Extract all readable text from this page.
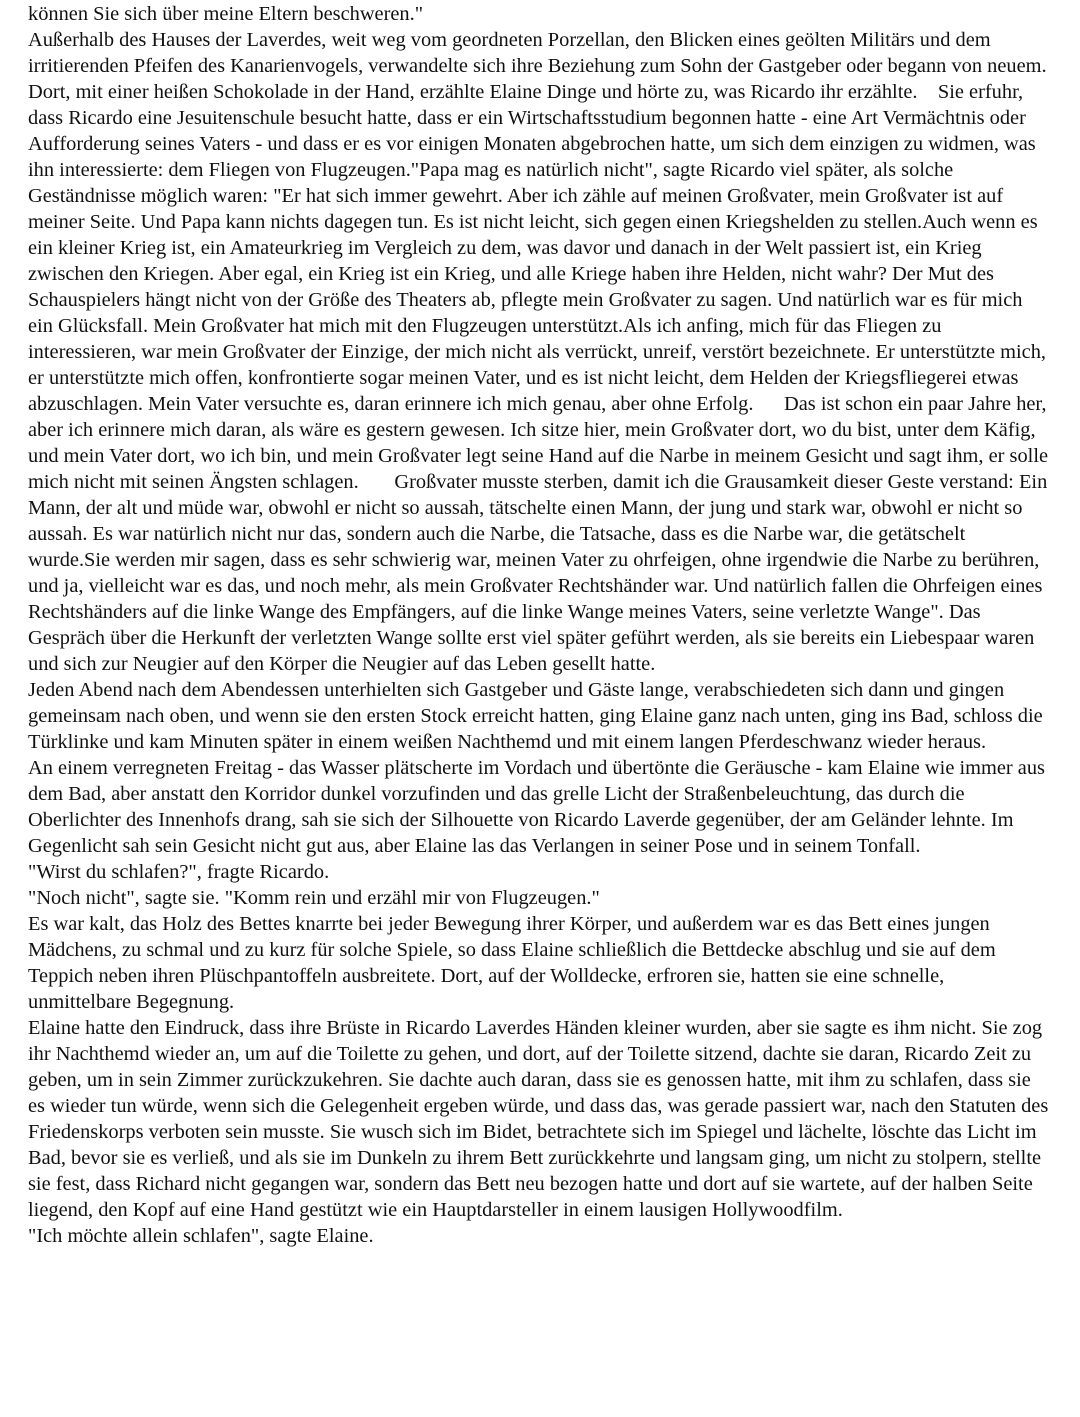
können Sie sich über meine Eltern beschweren."

Außerhalb des Hauses der Laverdes, weit weg vom geordneten Porzellan, den Blicken eines geölten Militärs und dem irritierenden Pfeifen des Kanarienvogels, verwandelte sich ihre Beziehung zum Sohn der Gastgeber oder begann von neuem. Dort, mit einer heißen Schokolade in der Hand, erzählte Elaine Dinge und hörte zu, was Ricardo ihr erzählte.    Sie erfuhr, dass Ricardo eine Jesuitenschule besucht hatte, dass er ein Wirtschaftsstudium begonnen hatte - eine Art Vermächtnis oder Aufforderung seines Vaters - und dass er es vor einigen Monaten abgebrochen hatte, um sich dem einzigen zu widmen, was ihn interessierte: dem Fliegen von Flugzeugen."Papa mag es natürlich nicht", sagte Ricardo viel später, als solche Geständnisse möglich waren: "Er hat sich immer gewehrt. Aber ich zähle auf meinen Großvater, mein Großvater ist auf meiner Seite. Und Papa kann nichts dagegen tun. Es ist nicht leicht, sich gegen einen Kriegshelden zu stellen.Auch wenn es ein kleiner Krieg ist, ein Amateurkrieg im Vergleich zu dem, was davor und danach in der Welt passiert ist, ein Krieg zwischen den Kriegen. Aber egal, ein Krieg ist ein Krieg, und alle Kriege haben ihre Helden, nicht wahr? Der Mut des Schauspielers hängt nicht von der Größe des Theaters ab, pflegte mein Großvater zu sagen. Und natürlich war es für mich ein Glücksfall. Mein Großvater hat mich mit den Flugzeugen unterstützt.Als ich anfing, mich für das Fliegen zu interessieren, war mein Großvater der Einzige, der mich nicht als verrückt, unreif, verstört bezeichnete. Er unterstützte mich, er unterstützte mich offen, konfrontierte sogar meinen Vater, und es ist nicht leicht, dem Helden der Kriegsfliegerei etwas abzuschlagen. Mein Vater versuchte es, daran erinnere ich mich genau, aber ohne Erfolg.      Das ist schon ein paar Jahre her, aber ich erinnere mich daran, als wäre es gestern gewesen. Ich sitze hier, mein Großvater dort, wo du bist, unter dem Käfig, und mein Vater dort, wo ich bin, und mein Großvater legt seine Hand auf die Narbe in meinem Gesicht und sagt ihm, er solle mich nicht mit seinen Ängsten schlagen.       Großvater musste sterben, damit ich die Grausamkeit dieser Geste verstand: Ein Mann, der alt und müde war, obwohl er nicht so aussah, tätschelte einen Mann, der jung und stark war, obwohl er nicht so aussah. Es war natürlich nicht nur das, sondern auch die Narbe, die Tatsache, dass es die Narbe war, die getätschelt wurde.Sie werden mir sagen, dass es sehr schwierig war, meinen Vater zu ohrfeigen, ohne irgendwie die Narbe zu berühren, und ja, vielleicht war es das, und noch mehr, als mein Großvater Rechtshänder war. Und natürlich fallen die Ohrfeigen eines Rechtshänders auf die linke Wange des Empfängers, auf die linke Wange meines Vaters, seine verletzte Wange". Das Gespräch über die Herkunft der verletzten Wange sollte erst viel später geführt werden, als sie bereits ein Liebespaar waren und sich zur Neugier auf den Körper die Neugier auf das Leben gesellt hatte.

Jeden Abend nach dem Abendessen unterhielten sich Gastgeber und Gäste lange, verabschiedeten sich dann und gingen gemeinsam nach oben, und wenn sie den ersten Stock erreicht hatten, ging Elaine ganz nach unten, ging ins Bad, schloss die Türklinke und kam Minuten später in einem weißen Nachthemd und mit einem langen Pferdeschwanz wieder heraus.

An einem verregneten Freitag - das Wasser plätscherte im Vordach und übertönte die Geräusche - kam Elaine wie immer aus dem Bad, aber anstatt den Korridor dunkel vorzufinden und das grelle Licht der Straßenbeleuchtung, das durch die Oberlichter des Innenhofs drang, sah sie sich der Silhouette von Ricardo Laverde gegenüber, der am Geländer lehnte. Im Gegenlicht sah sein Gesicht nicht gut aus, aber Elaine las das Verlangen in seiner Pose und in seinem Tonfall.

"Wirst du schlafen?", fragte Ricardo.

"Noch nicht", sagte sie. "Komm rein und erzähl mir von Flugzeugen."

Es war kalt, das Holz des Bettes knarrte bei jeder Bewegung ihrer Körper, und außerdem war es das Bett eines jungen Mädchens, zu schmal und zu kurz für solche Spiele, so dass Elaine schließlich die Bettdecke abschlug und sie auf dem Teppich neben ihren Plüschpantoffeln ausbreitete. Dort, auf der Wolldecke, erfroren sie, hatten sie eine schnelle, unmittelbare Begegnung.

Elaine hatte den Eindruck, dass ihre Brüste in Ricardo Laverdes Händen kleiner wurden, aber sie sagte es ihm nicht. Sie zog ihr Nachthemd wieder an, um auf die Toilette zu gehen, und dort, auf der Toilette sitzend, dachte sie daran, Ricardo Zeit zu geben, um in sein Zimmer zurückzukehren. Sie dachte auch daran, dass sie es genossen hatte, mit ihm zu schlafen, dass sie es wieder tun würde, wenn sich die Gelegenheit ergeben würde, und dass das, was gerade passiert war, nach den Statuten des Friedenskorps verboten sein musste. Sie wusch sich im Bidet, betrachtete sich im Spiegel und lächelte, löschte das Licht im Bad, bevor sie es verließ, und als sie im Dunkeln zu ihrem Bett zurückkehrte und langsam ging, um nicht zu stolpern, stellte sie fest, dass Richard nicht gegangen war, sondern das Bett neu bezogen hatte und dort auf sie wartete, auf der halben Seite liegend, den Kopf auf eine Hand gestützt wie ein Hauptdarsteller in einem lausigen Hollywoodfilm.

"Ich möchte allein schlafen", sagte Elaine.
